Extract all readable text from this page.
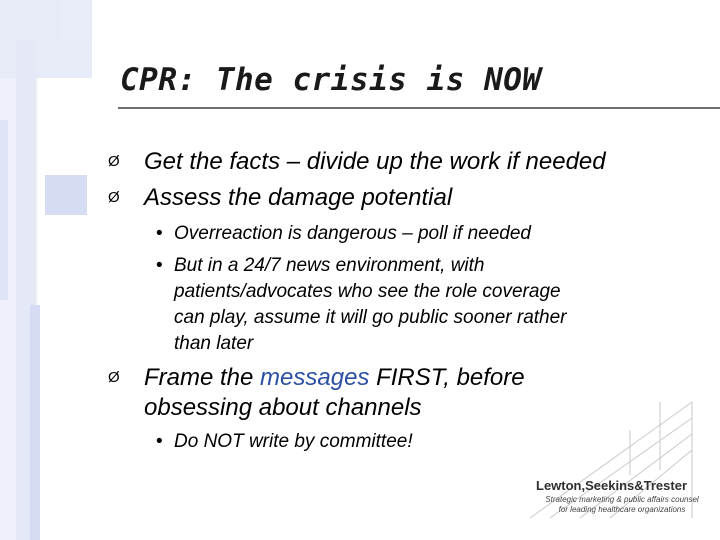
CPR: The crisis is NOW
Ø Get the facts – divide up the work if needed
Ø Assess the damage potential
• Overreaction is dangerous – poll if needed
• But in a 24/7 news environment, with
patients/advocates who see the role coverage
can play, assume it will go public sooner rather
than later
Ø Frame the messages FIRST, before
obsessing about channels
• Do NOT write by committee!
Lewton,Seekins&Trester
Strategic marketing & public affairs counsel
for leading healthcare organizations
